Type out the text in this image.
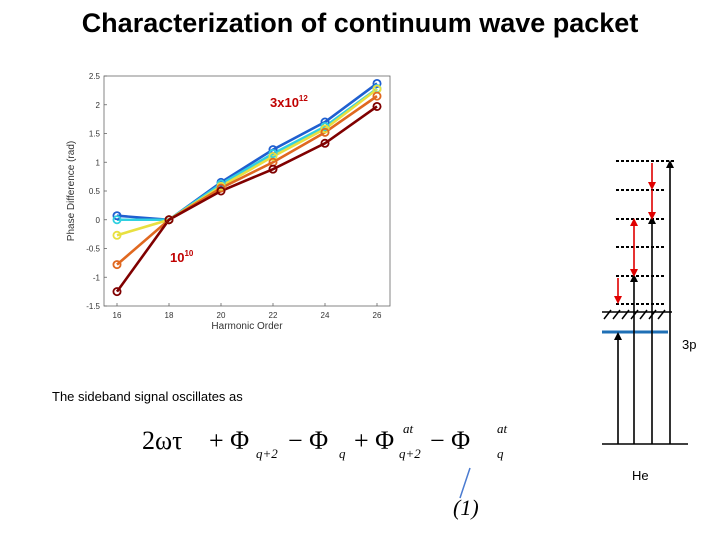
Characterization of continuum wave packet
2.5
2
1.5
1
0.5
0
-0.5
-1
-1.5
16	18	20	22	24	26
Harmonic Order
Phase Difference (rad)
$3x10^{12}$
$10^{10}$
The sideband signal oscillates as
2ωτ + Φ q+2 − Φ q + Φ at
q+2 − Φ at
q
(1)
3p
He
